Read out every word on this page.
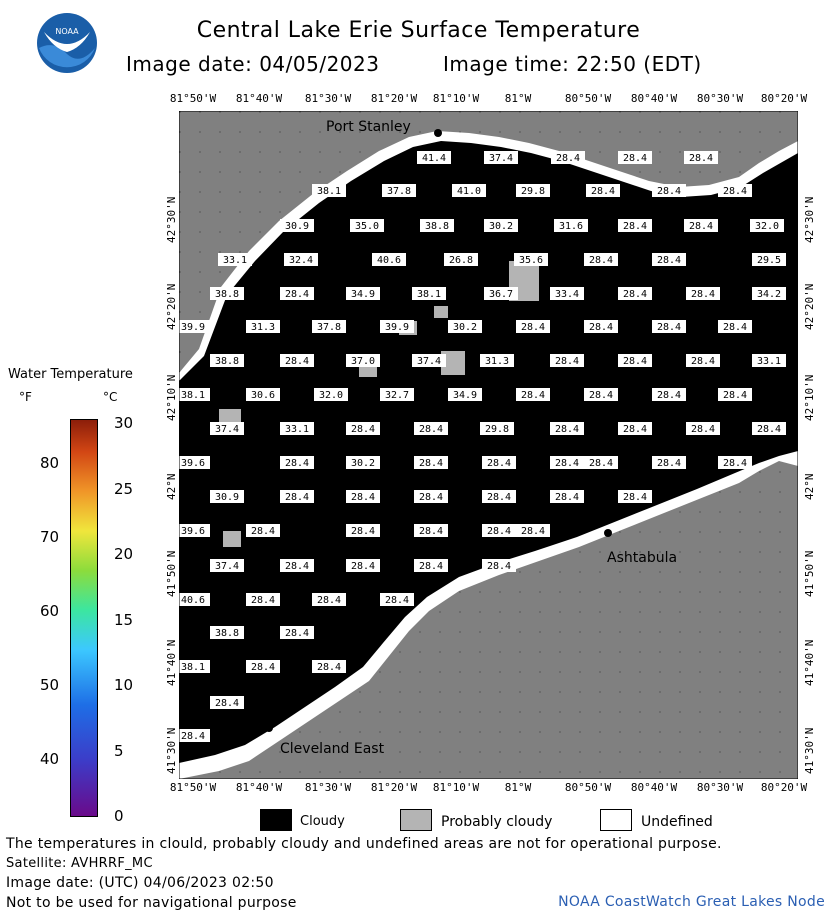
NOAA	Central Lake Erie Surface Temperature
Image date: 04/05/2023	Image time: 22:50 (EDT)
Port Stanley
Ashtabula
Cleveland East
41.4	37.4	28.4	28.4	28.4
38.1	37.8	41.0	29.8	28.4	28.4	28.4
30.9	35.0	38.8	30.2	31.6	28.4	28.4	32.0
33.1	32.4	40.6	26.8	35.6	28.4	28.4	29.5
38.8	28.4	34.9	38.1	36.7	33.4	28.4	28.4	34.2
39.9	31.3	37.8	39.9	30.2	28.4	28.4	28.4	28.4
38.8	28.4	37.0	37.4	31.3	28.4	28.4	28.4	33.1
38.1	30.6	32.0	32.7	34.9	28.4	28.4	28.4	28.4
37.4	33.1	28.4	28.4	29.8	28.4	28.4	28.4	28.4
39.6	28.4	30.2	28.4	28.4	28.4 28.4	28.4	28.4
30.9	28.4	28.4	28.4	28.4	28.4	28.4
39.6	28.4	28.4	28.4	28.4 28.4
37.4	28.4	28.4	28.4	28.4
40.6	28.4	28.4	28.4
38.8	28.4
38.1	28.4	28.4
28.4
28.4
81°50'W 81°40'W 81°30'W 81°20'W 81°10'W 81°W	80°50'W 80°40'W 80°30'W 80°20'W
81°50'W 81°40'W 81°30'W 81°20'W 81°10'W 81°W	80°50'W 80°40'W 80°30'W 80°20'W
42°30'N
42°20'N
42°10'N
42°N
41°50'N
41°40'N
41°30'N
42°30'N
42°20'N
42°10'N
42°N
41°50'N
41°40'N
41°30'N
Water Temperature
°F	°C
30
25
20
15
10
5
0
80
70
60
50
40
Cloudy	Probably cloudy	Undefined
The temperatures in clould, probably cloudy and undefined areas are not for operational purpose.
Satellite: AVHRRF_MC
Image date: (UTC) 04/06/2023 02:50
Not to be used for navigational purpose	NOAA CoastWatch Great Lakes Node
